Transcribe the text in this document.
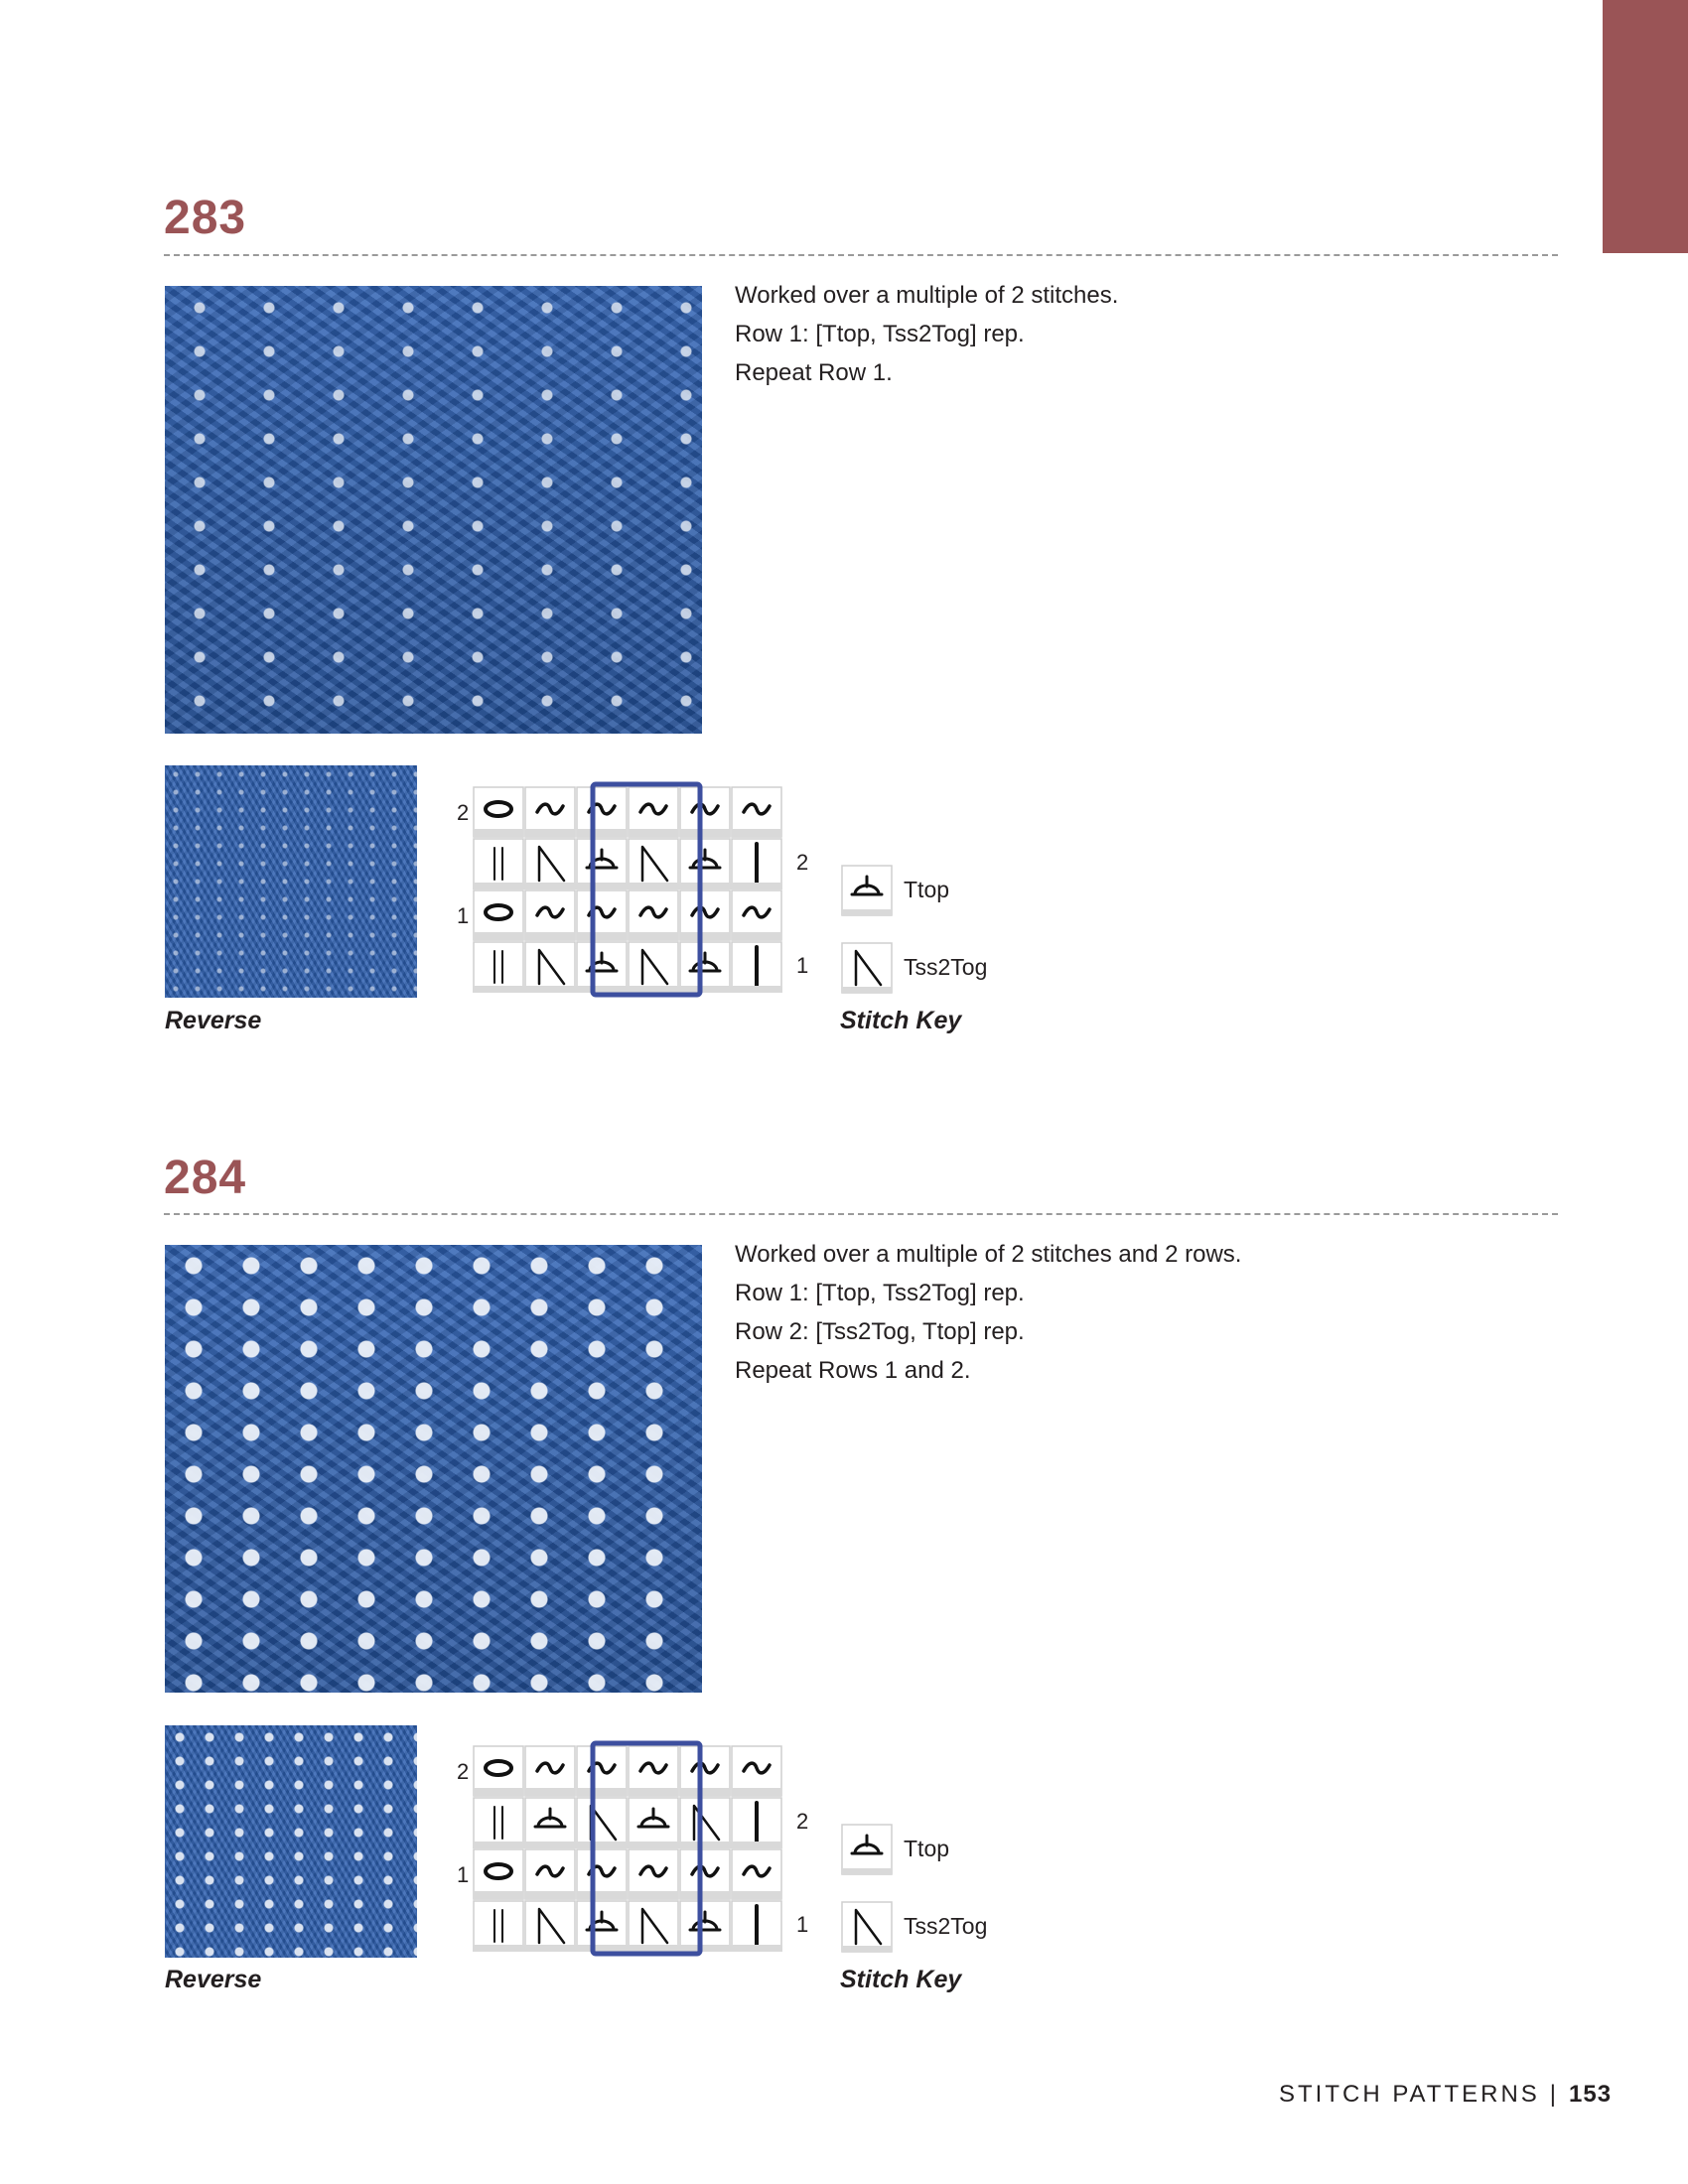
283
Worked over a multiple of 2 stitches.
Row 1: [Ttop, Tss2Tog] rep.
Repeat Row 1.
Reverse
2
1
2
1
Ttop
Tss2Tog
Stitch Key
284
Worked over a multiple of 2 stitches and 2 rows.
Row 1: [Ttop, Tss2Tog] rep.
Row 2: [Tss2Tog, Ttop] rep.
Repeat Rows 1 and 2.
Reverse
2
1
2
1
Ttop
Tss2Tog
Stitch Key
STITCH PATTERNS | 153
